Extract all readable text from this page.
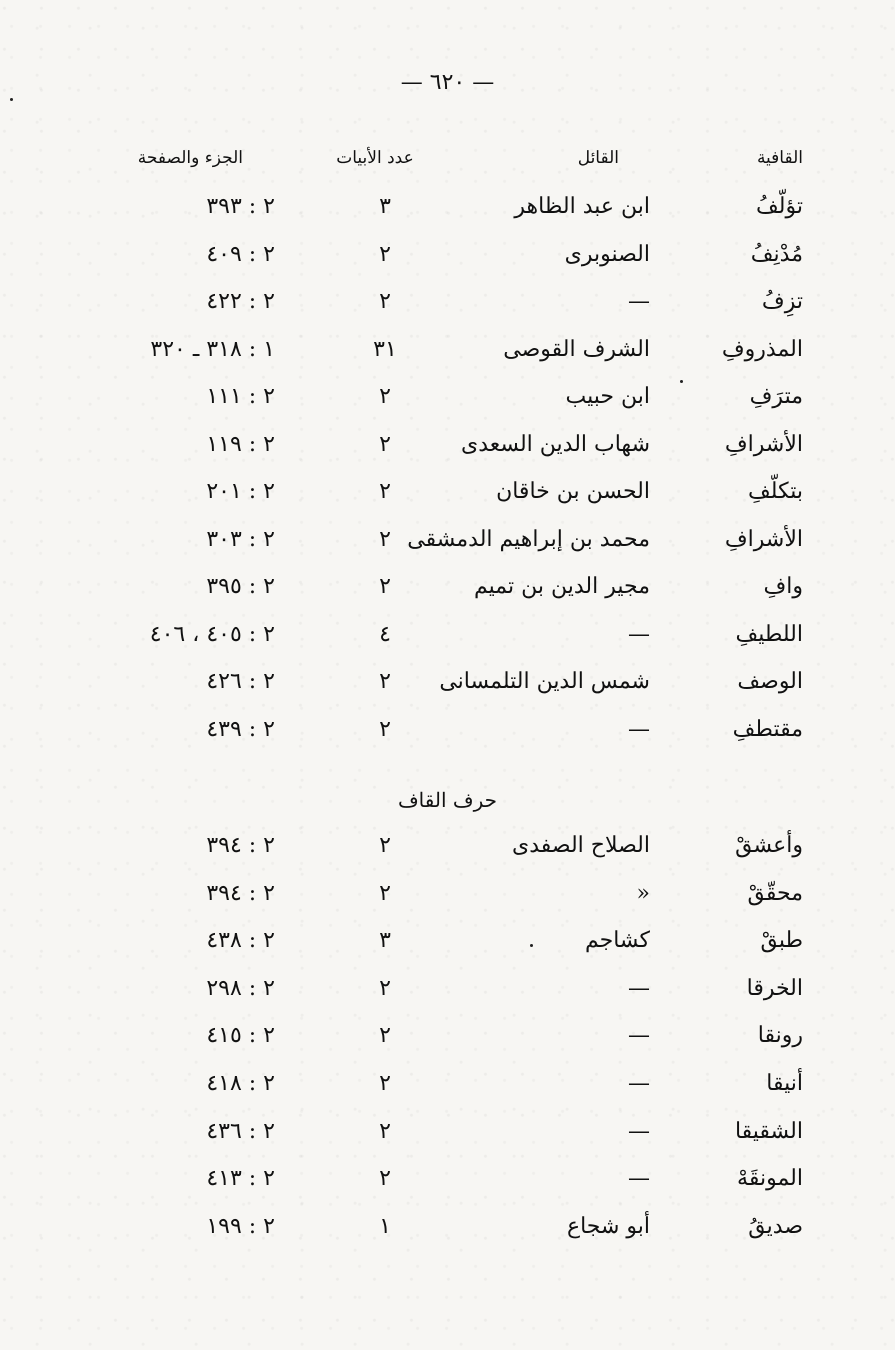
— ٦٢٠ —
القافية
القائل
عدد الأبيات
الجزء والصفحة
تؤلّفُ
ابن عبد الظاهر
٣
٢ : ٣٩٣
مُدْنِفُ
الصنوبرى
٢
٢ : ٤٠٩
تزِفُ
—
٢
٢ : ٤٢٢
المذروفِ
الشرف القوصى
٣١
١ : ٣١٨ ـ ٣٢٠
مترَفِ
ابن حبيب
٢
٢ : ١١١
الأشرافِ
شهاب الدين السعدى
٢
٢ : ١١٩
بتكلّفِ
الحسن بن خاقان
٢
٢ : ٢٠١
الأشرافِ
محمد بن إبراهيم الدمشقى
٢
٢ : ٣٠٣
وافِ
مجير الدين بن تميم
٢
٢ : ٣٩٥
اللطيفِ
—
٤
٢ : ٤٠٥ ، ٤٠٦
الوصف
شمس الدين التلمسانى
٢
٢ : ٤٢٦
مقتطفِ
—
٢
٢ : ٤٣٩
حرف القاف
وأعشقْ
الصلاح الصفدى
٢
٢ : ٣٩٤
محقّقْ
«
٢
٢ : ٣٩٤
طبقْ
كشاجم
٣
٢ : ٤٣٨
الخرقا
—
٢
٢ : ٢٩٨
رونقا
—
٢
٢ : ٤١٥
أنيقا
—
٢
٢ : ٤١٨
الشقيقا
—
٢
٢ : ٤٣٦
المونقَهْ
—
٢
٢ : ٤١٣
صديقُ
أبو شجاع
١
٢ : ١٩٩
